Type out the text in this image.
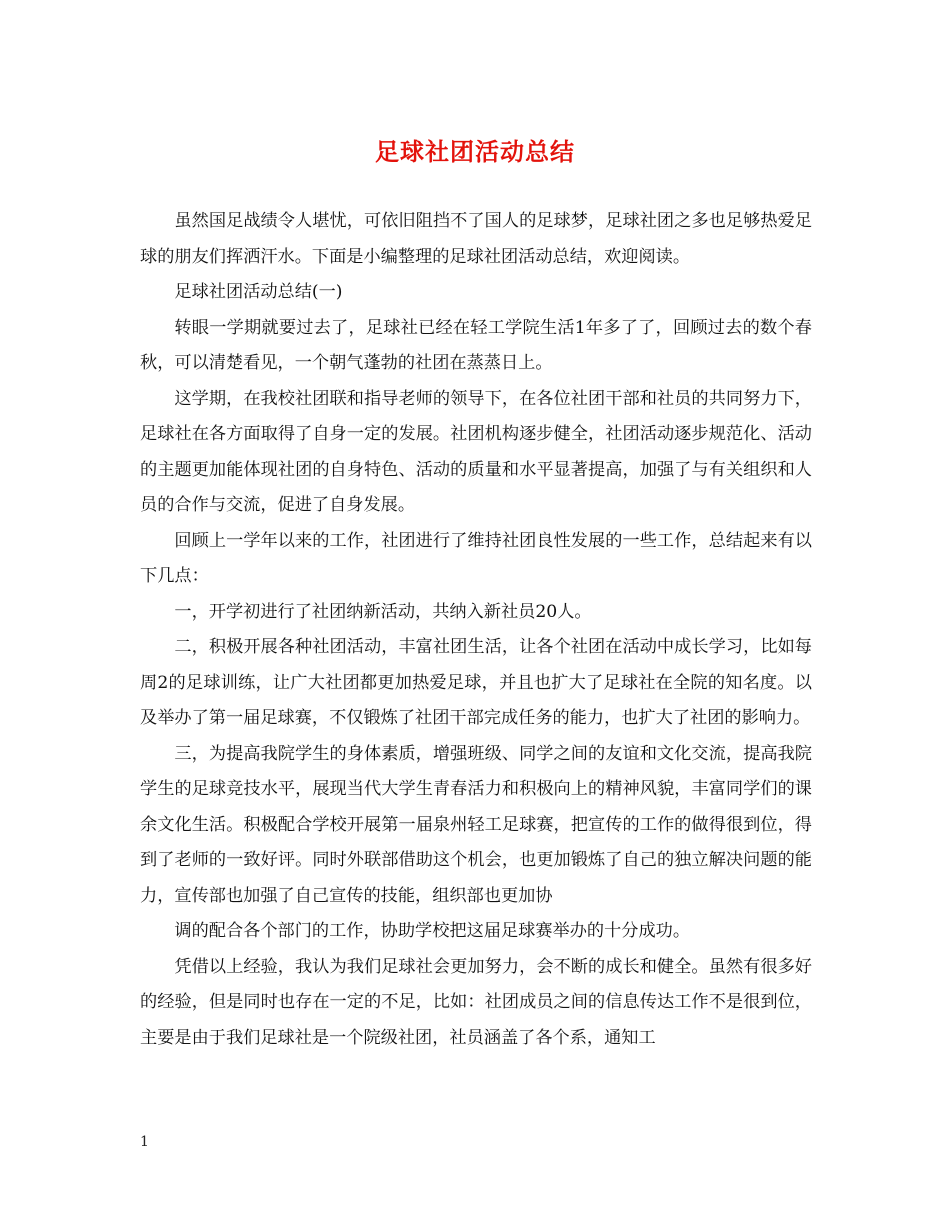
足球社团活动总结

虽然国足战绩令人堪忧，可依旧阻挡不了国人的足球梦，足球社团之多也足够热爱足球的朋友们挥洒汗水。下面是小编整理的足球社团活动总结，欢迎阅读。

足球社团活动总结(一)

转眼一学期就要过去了，足球社已经在轻工学院生活1年多了了，回顾过去的数个春秋，可以清楚看见，一个朝气蓬勃的社团在蒸蒸日上。

这学期，在我校社团联和指导老师的领导下，在各位社团干部和社员的共同努力下，足球社在各方面取得了自身一定的发展。社团机构逐步健全，社团活动逐步规范化、活动的主题更加能体现社团的自身特色、活动的质量和水平显著提高，加强了与有关组织和人员的合作与交流，促进了自身发展。

回顾上一学年以来的工作，社团进行了维持社团良性发展的一些工作，总结起来有以下几点：

一，开学初进行了社团纳新活动，共纳入新社员20人。

二，积极开展各种社团活动，丰富社团生活，让各个社团在活动中成长学习，比如每周2的足球训练，让广大社团都更加热爱足球，并且也扩大了足球社在全院的知名度。以及举办了第一届足球赛，不仅锻炼了社团干部完成任务的能力，也扩大了社团的影响力。

三，为提高我院学生的身体素质，增强班级、同学之间的友谊和文化交流，提高我院学生的足球竞技水平，展现当代大学生青春活力和积极向上的精神风貌，丰富同学们的课余文化生活。积极配合学校开展第一届泉州轻工足球赛，把宣传的工作的做得很到位，得到了老师的一致好评。同时外联部借助这个机会，也更加锻炼了自己的独立解决问题的能力，宣传部也加强了自己宣传的技能，组织部也更加协

调的配合各个部门的工作，协助学校把这届足球赛举办的十分成功。

凭借以上经验，我认为我们足球社会更加努力，会不断的成长和健全。虽然有很多好的经验，但是同时也存在一定的不足，比如：社团成员之间的信息传达工作不是很到位，主要是由于我们足球社是一个院级社团，社员涵盖了各个系，通知工

1
